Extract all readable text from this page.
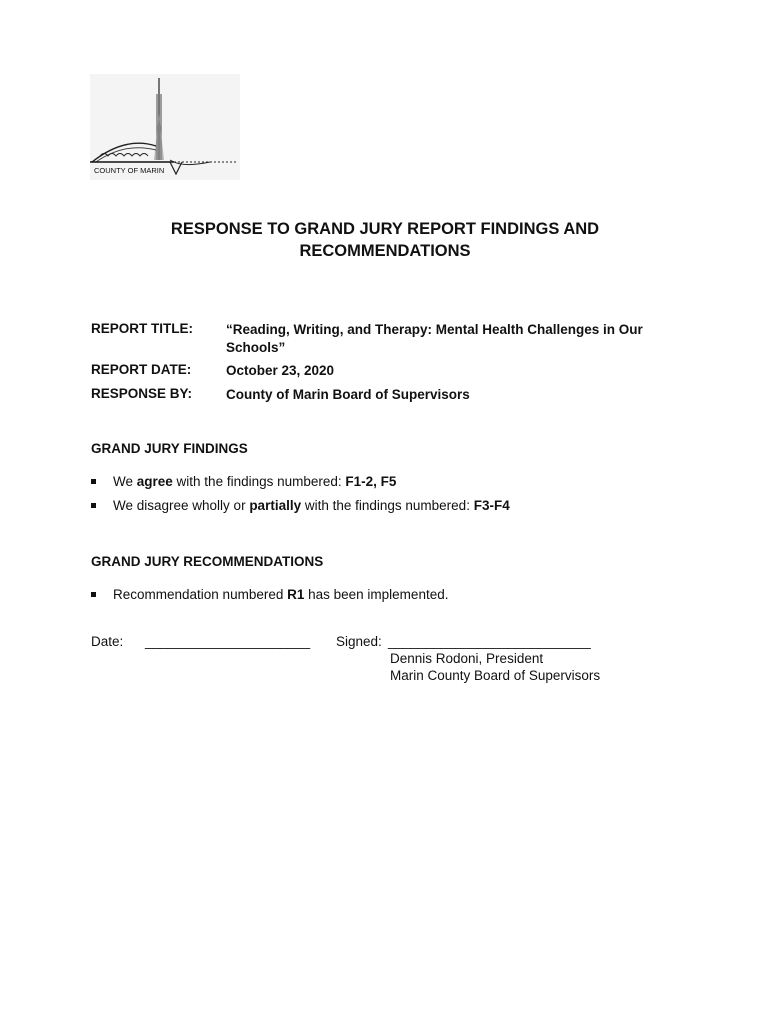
COUNTY OF MARIN
RESPONSE TO GRAND JURY REPORT FINDINGS AND
RECOMMENDATIONS
REPORT TITLE: “Reading, Writing, and Therapy: Mental Health Challenges in Our Schools”
REPORT DATE:	October 23, 2020
RESPONSE BY:	County of Marin Board of Supervisors
GRAND JURY FINDINGS
We agree with the findings numbered: F1-2, F5
We disagree wholly or partially with the findings numbered: F3-F4
GRAND JURY RECOMMENDATIONS
Recommendation numbered R1 has been implemented.
Date: ______________________ Signed: ___________________________
Dennis Rodoni, President
Marin County Board of Supervisors
